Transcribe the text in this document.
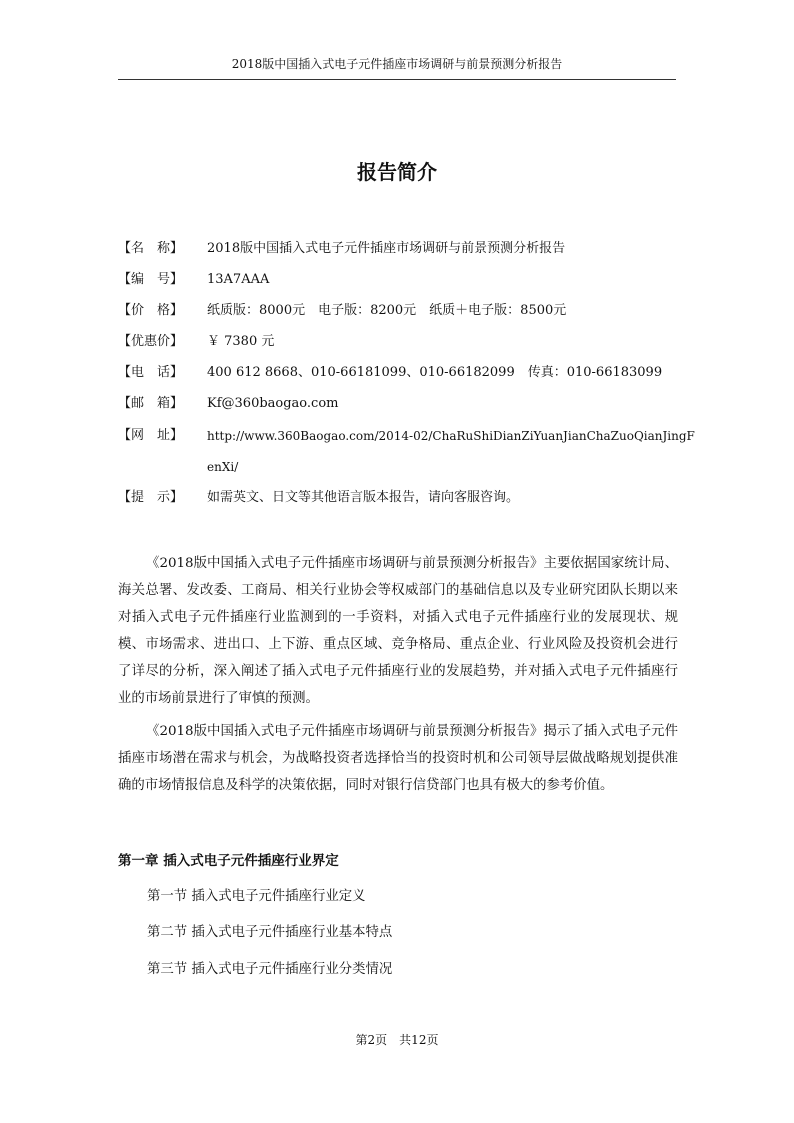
2018版中国插入式电子元件插座市场调研与前景预测分析报告
报告简介
【名　称】 2018版中国插入式电子元件插座市场调研与前景预测分析报告
【编　号】 13A7AAA
【价　格】 纸质版：8000元　电子版：8200元　纸质＋电子版：8500元
【优惠价】 ￥ 7380 元
【电　话】 400 612 8668、010-66181099、010-66182099　传真：010-66183099
【邮　箱】 Kf@360baogao.com
【网　址】 http://www.360Baogao.com/2014-02/ChaRuShiDianZiYuanJianChaZuoQianJingF
enXi/
【提　示】 如需英文、日文等其他语言版本报告，请向客服咨询。

《2018版中国插入式电子元件插座市场调研与前景预测分析报告》主要依据国家统计局、海关总署、发改委、工商局、相关行业协会等权威部门的基础信息以及专业研究团队长期以来对插入式电子元件插座行业监测到的一手资料，对插入式电子元件插座行业的发展现状、规模、市场需求、进出口、上下游、重点区域、竞争格局、重点企业、行业风险及投资机会进行了详尽的分析，深入阐述了插入式电子元件插座行业的发展趋势，并对插入式电子元件插座行业的市场前景进行了审慎的预测。

《2018版中国插入式电子元件插座市场调研与前景预测分析报告》揭示了插入式电子元件插座市场潜在需求与机会，为战略投资者选择恰当的投资时机和公司领导层做战略规划提供准确的市场情报信息及科学的决策依据，同时对银行信贷部门也具有极大的参考价值。

第一章 插入式电子元件插座行业界定
第一节 插入式电子元件插座行业定义
第二节 插入式电子元件插座行业基本特点
第三节 插入式电子元件插座行业分类情况
第2页　共12页
